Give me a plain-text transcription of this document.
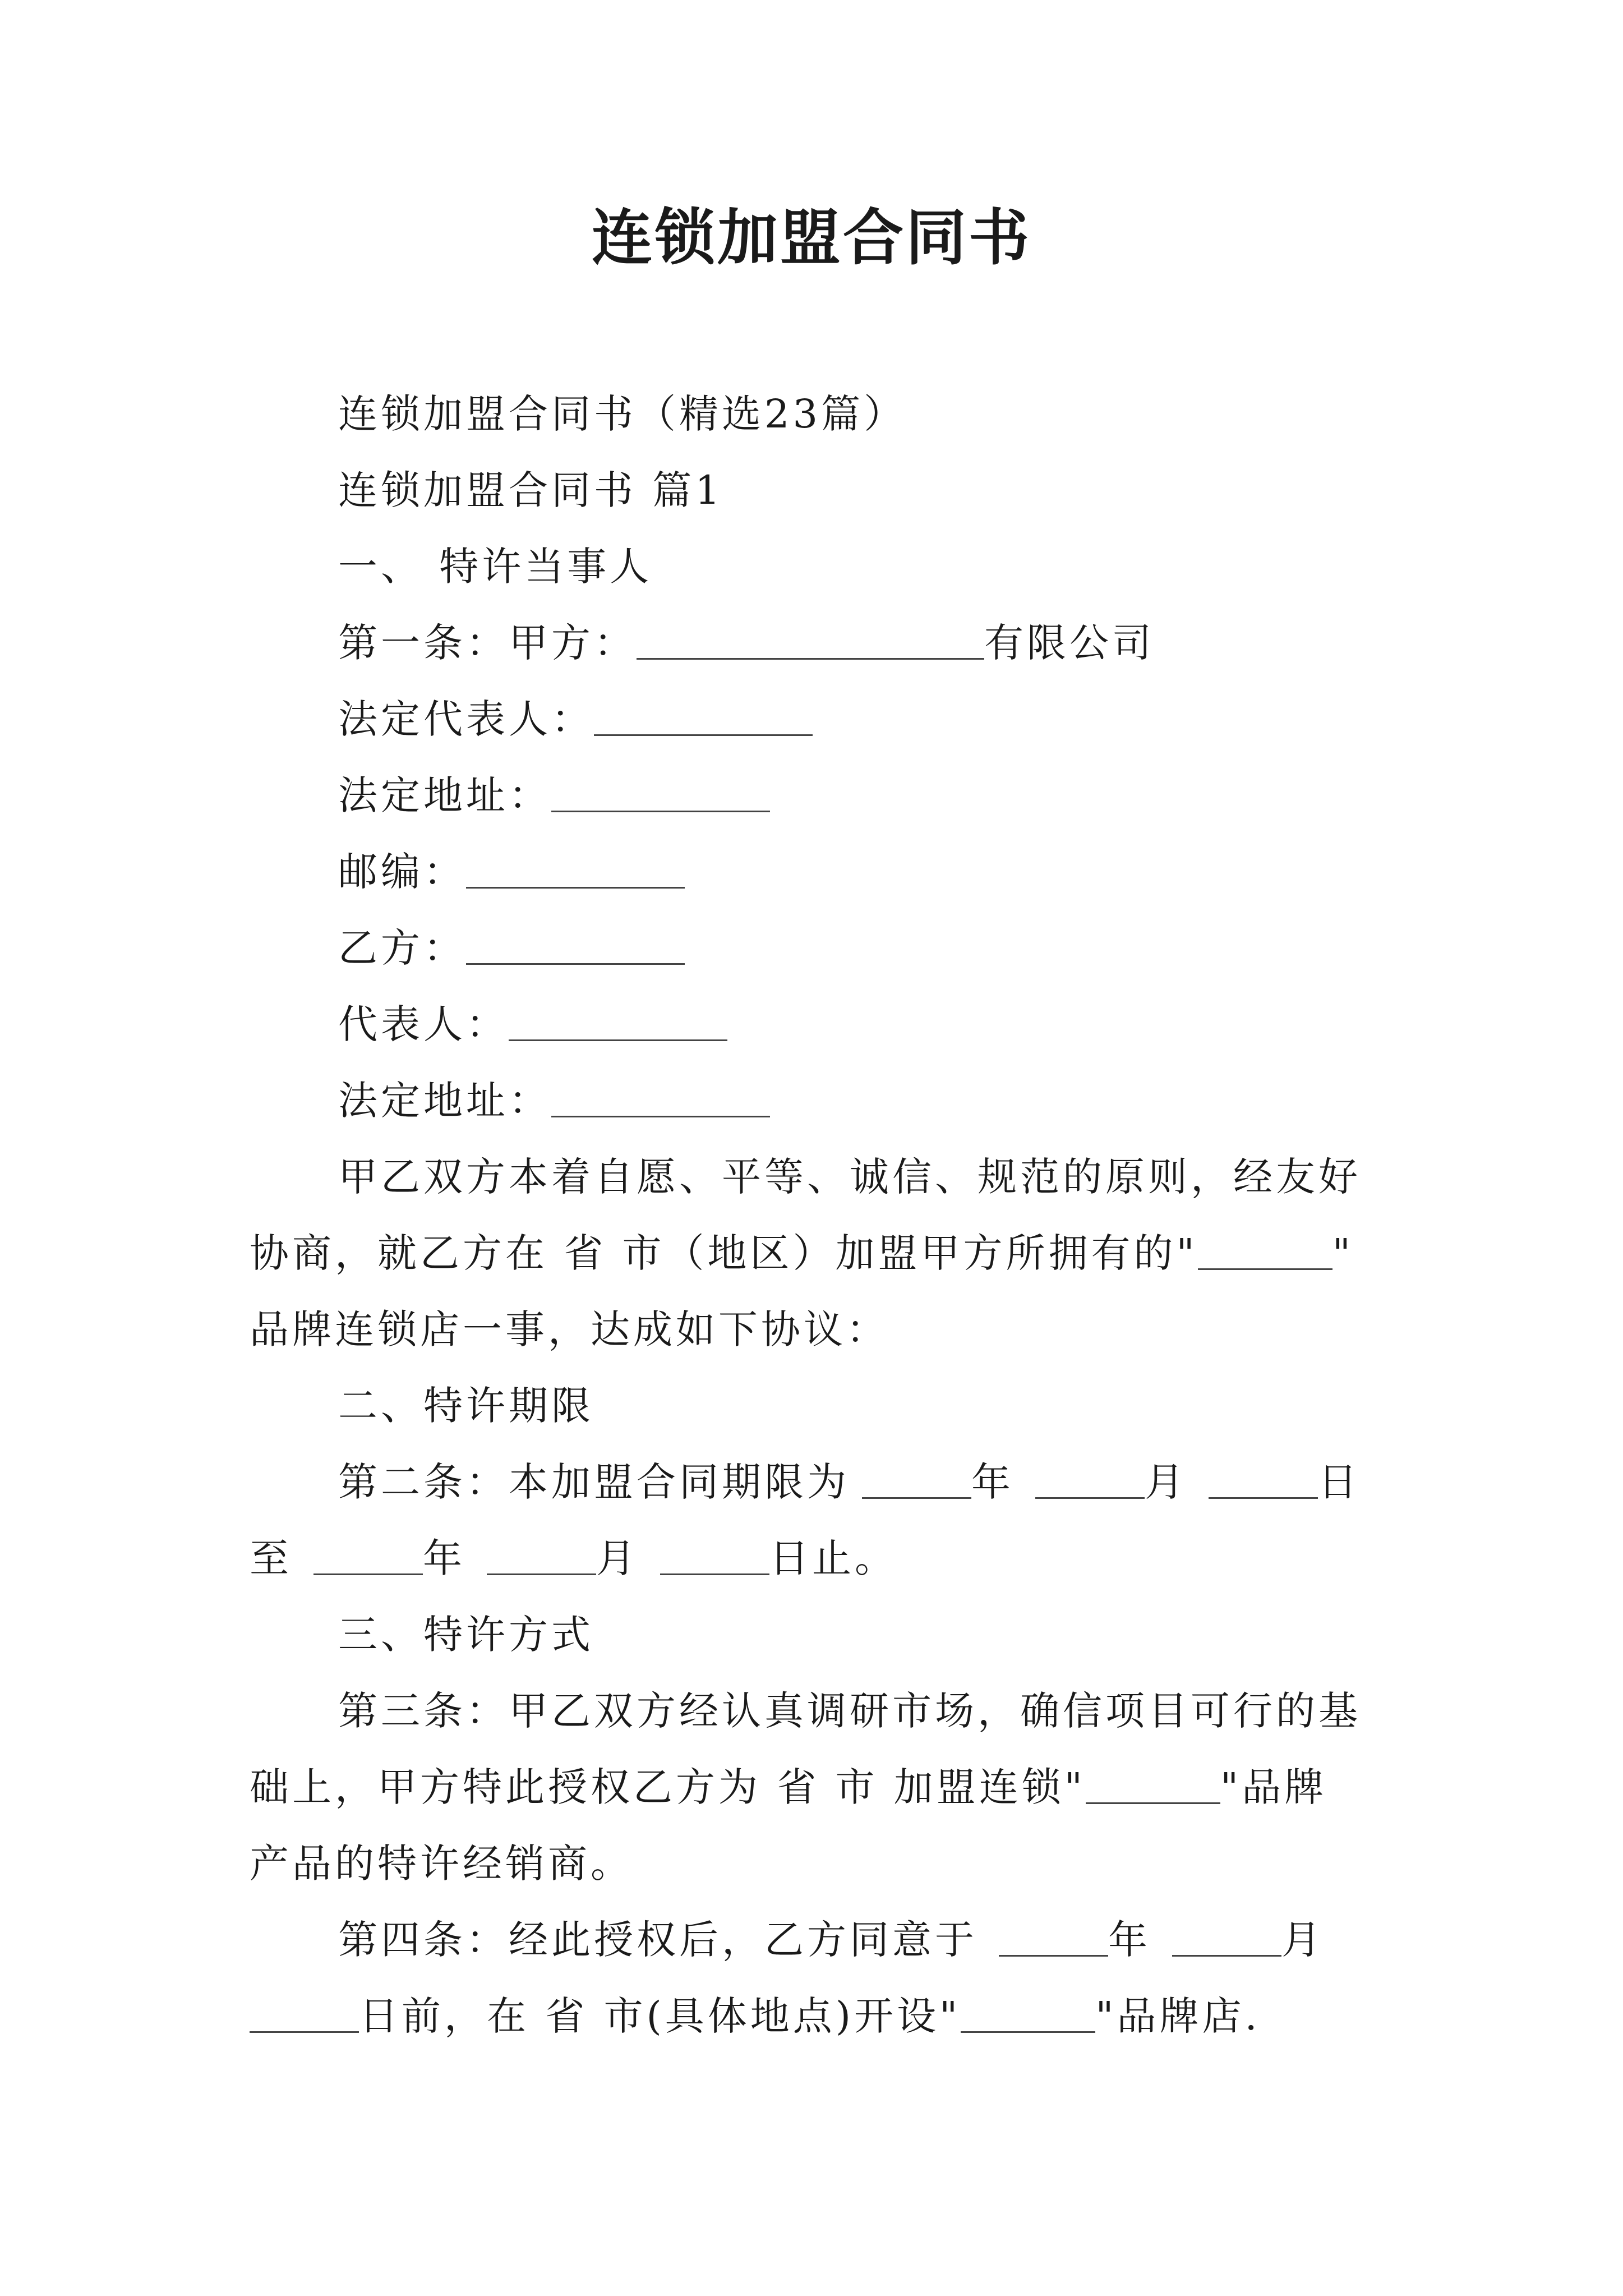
连锁加盟合同书
连锁加盟合同书（精选23篇）
连锁加盟合同书 篇1
一、 特许当事人
第一条：甲方：	有限公司
法定代表人：
法定地址：
邮编：
乙方：
代表人：
法定地址：
甲乙双方本着自愿、平等、诚信、规范的原则，经友好
协商，就乙方在 省 市（地区）加盟甲方所拥有的"	"
品牌连锁店一事，达成如下协议：
二、特许期限
第二条：本加盟合同期限为	年	月	日
至	年	月	日止。
三、特许方式
第三条：甲乙双方经认真调研市场，确信项目可行的基
础上，甲方特此授权乙方为 省 市 加盟连锁"	"品牌
产品的特许经销商。
第四条：经此授权后，乙方同意于	年	月
日前，在 省 市(具体地点)开设"	"品牌店.
